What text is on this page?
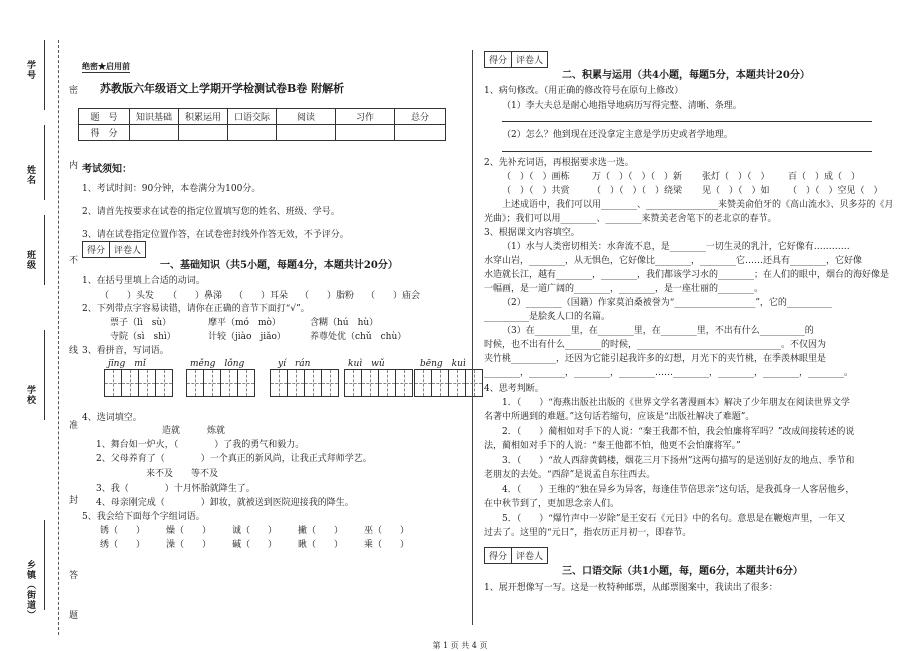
学号
姓名
班级
学校
乡镇（街道）
密
内
不
线
准
封
答
题
绝密★启用前
苏教版六年级语文上学期开学检测试卷B卷 附解析
题　号	知识基础	积累运用	口语交际	阅读	习作	总分
得　分						
考试须知：
1、考试时间：90分钟，本卷满分为100分。
2、请首先按要求在试卷的指定位置填写您的姓名、班级、学号。
3、请在试卷指定位置作答，在试卷密封线外作答无效，不予评分。
得分	评卷人
一、基础知识（共5小题，每题4分，本题共计20分）
1、在括号里填上合适的动词。
（　　）头发 （　　）鼻涕 （　　）耳朵 （　　）脂粉 （　　）庙会
2、下列带点字容易读错，请你在正确的音节下面打“√”。
票子（lì　sù）	摩平（mó　mò）	含糊（hú　hù）
寺院（sì　shì）	计较（jiào　jiǎo）	养尊处优（chǔ　chù）
3、看拼音，写词语。
jīng　mǐ	měng　lǒng	yí　rán	kuì　wǔ	bēng　kuì
4、选词填空。
造就　　　炼就
1、舞台如一炉火，（　　　　）了我的勇气和毅力。
2、父母养育了（　　　　）一个真正的新风尚，让我正式拜师学艺。
来不及　　等不及
3、我（　　　　）十月怀胎就降生了。
4、母亲刚完成（　　　　）卸妆，就被送到医院迎接我的降生。
5、我会给下面每个字组词语。
锈（　　） 燥（　　） 诚（　　） 撇（　　） 巫（　　）
绣（　　） 澡（　　） 碱（　　） 瞅（　　） 乘（　　）
得分	评卷人
二、积累与运用（共4小题，每题5分，本题共计20分）
1、病句修改。（用正确的修改符号在原句上修改）
（1）李大夫总是耐心地指导地病历写得完整、清晰、条理。
（2）怎么？他到现在还没拿定主意是学历史或者学地理。
2、先补充词语，再根据要求选一选。
（　）（　）画栋 万（　）（　）（　）新 张灯（　）（　） 百（　）成（　）
（　）（　）共赏 （　）（　）（　）绕梁 见（　）（　）如 （　）（　）空见（　）
上述成语中，我们可以用________、________________来赞美俞伯牙的《高山流水》、贝多芬的《月
光曲》；我们可以用________、________来赞美老舍笔下的老北京的春节。
3、根据课文内容填空。
（1）水与人类密切相关：水奔流不息，是________一切生灵的乳汁，它好像有…………
水穿山岩，________，从无惧色，它好像比________，________它……还具有________，它好像
水造就长江，越有________，________，我们都该学习水的________；在人们的眼中，烟台的海好像是
一幅画，是一道广阔的________，________，是一座壮丽的________。
（2）________（国籍）作家莫泊桑被誉为“__________________”，它的__________
__________是脍炙人口的名篇。
（3）在________里，在________里，在________里，不出有什么__________的
时候，也不出有什么________的时候，________________________________。不仅因为
夹竹桃__________，还因为它能引起我许多的幻想，月光下的夹竹桃，在季羡林眼里是
________，________，________，________……________，________，________，________。
4、思考判断。
1．（　　）“海燕出版社出版的《世界文学名著漫画本》解决了少年朋友在阅读世界文学
名著中所遇到的难题。”这句话若缩句，应该是“出版社解决了难题”。
2．（　　）蔺相如对手下的人说：“秦王我都不怕，我会怕廉将军吗？”改成间接转述的说
法，蔺相如对手下的人说：“秦王他都不怕，他更不会怕廉将军。”
3．（　　）“故人西辞黄鹤楼，烟花三月下扬州”这两句描写的是送别好友的地点、季节和
老朋友的去处。“西辞”是说孟自东往西去。
4．（　　）王维的“独在异乡为异客，每逢佳节倍思亲”这句话，是我孤身一人客居他乡，
在中秋节到了，更加思念亲人们。
5．（　　）“爆竹声中一岁除”是王安石《元日》中的名句。意思是在鞭炮声里，一年又
过去了。这里的“元日”，指农历正月初一，即春节。
得分	评卷人
三、口语交际（共1小题，每，题6分，本题共计6分）
1、展开想像写一写。这是一枚特种邮票，从邮票图案中，我读出了很多：
第 1 页 共 4 页
